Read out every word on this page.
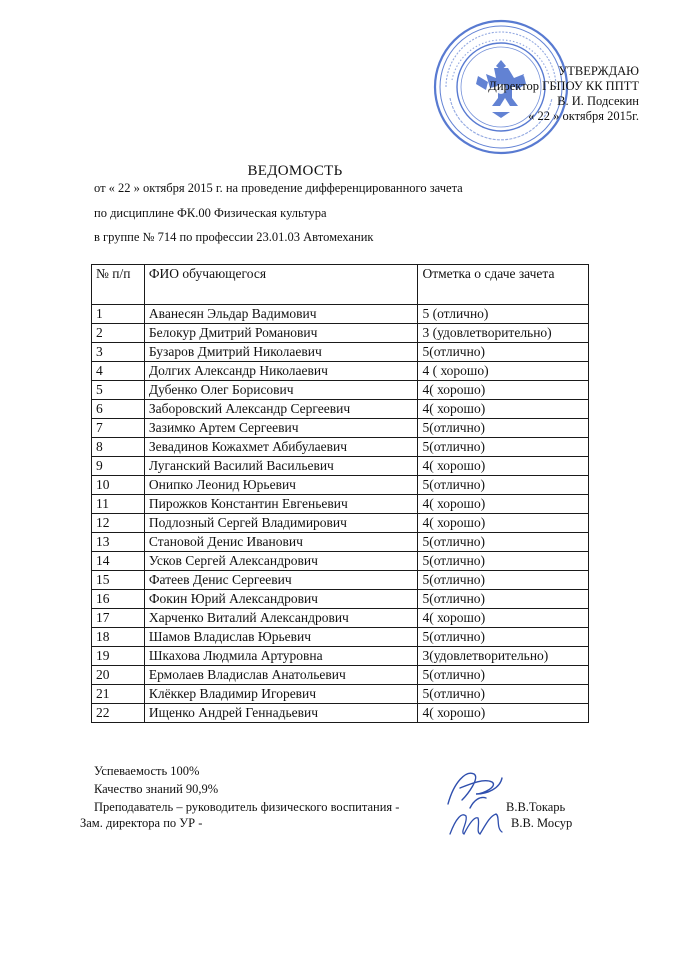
УТВЕРЖДАЮ
Директор ГБПОУ КК ППТТ
В. И. Подсекин
« 22 » октября 2015г.
ВЕДОМОСТЬ
от « 22 » октября 2015 г. на проведение дифференцированного зачета
по дисциплине ФК.00 Физическая культура
в группе № 714 по профессии 23.01.03 Автомеханик
№ п/п	ФИО обучающегося	Отметка о сдаче зачета
1	Аванесян Эльдар Вадимович	5 (отлично)
2	Белокур Дмитрий Романович	3 (удовлетворительно)
3	Бузаров Дмитрий Николаевич	5(отлично)
4	Долгих Александр Николаевич	4 ( хорошо)
5	Дубенко Олег Борисович	4( хорошо)
6	Заборовский Александр Сергеевич	4( хорошо)
7	Зазимко Артем Сергеевич	5(отлично)
8	Зевадинов Кожахмет Абибулаевич	5(отлично)
9	Луганский Василий Васильевич	4( хорошо)
10	Онипко Леонид Юрьевич	5(отлично)
11	Пирожков Константин Евгеньевич	4( хорошо)
12	Подлозный Сергей Владимирович	4( хорошо)
13	Становой Денис Иванович	5(отлично)
14	Усков Сергей Александрович	5(отлично)
15	Фатеев Денис Сергеевич	5(отлично)
16	Фокин Юрий Александрович	5(отлично)
17	Харченко Виталий Александрович	4( хорошо)
18	Шамов Владислав Юрьевич	5(отлично)
19	Шкахова Людмила Артуровна	3(удовлетворительно)
20	Ермолаев Владислав Анатольевич	5(отлично)
21	Клёккер Владимир Игоревич	5(отлично)
22	Ищенко Андрей Геннадьевич	4( хорошо)
Успеваемость 100%
Качество знаний 90,9%
Преподаватель – руководитель физического воспитания -	В.В.Токарь
Зам. директора по УР -	В.В. Мосур
